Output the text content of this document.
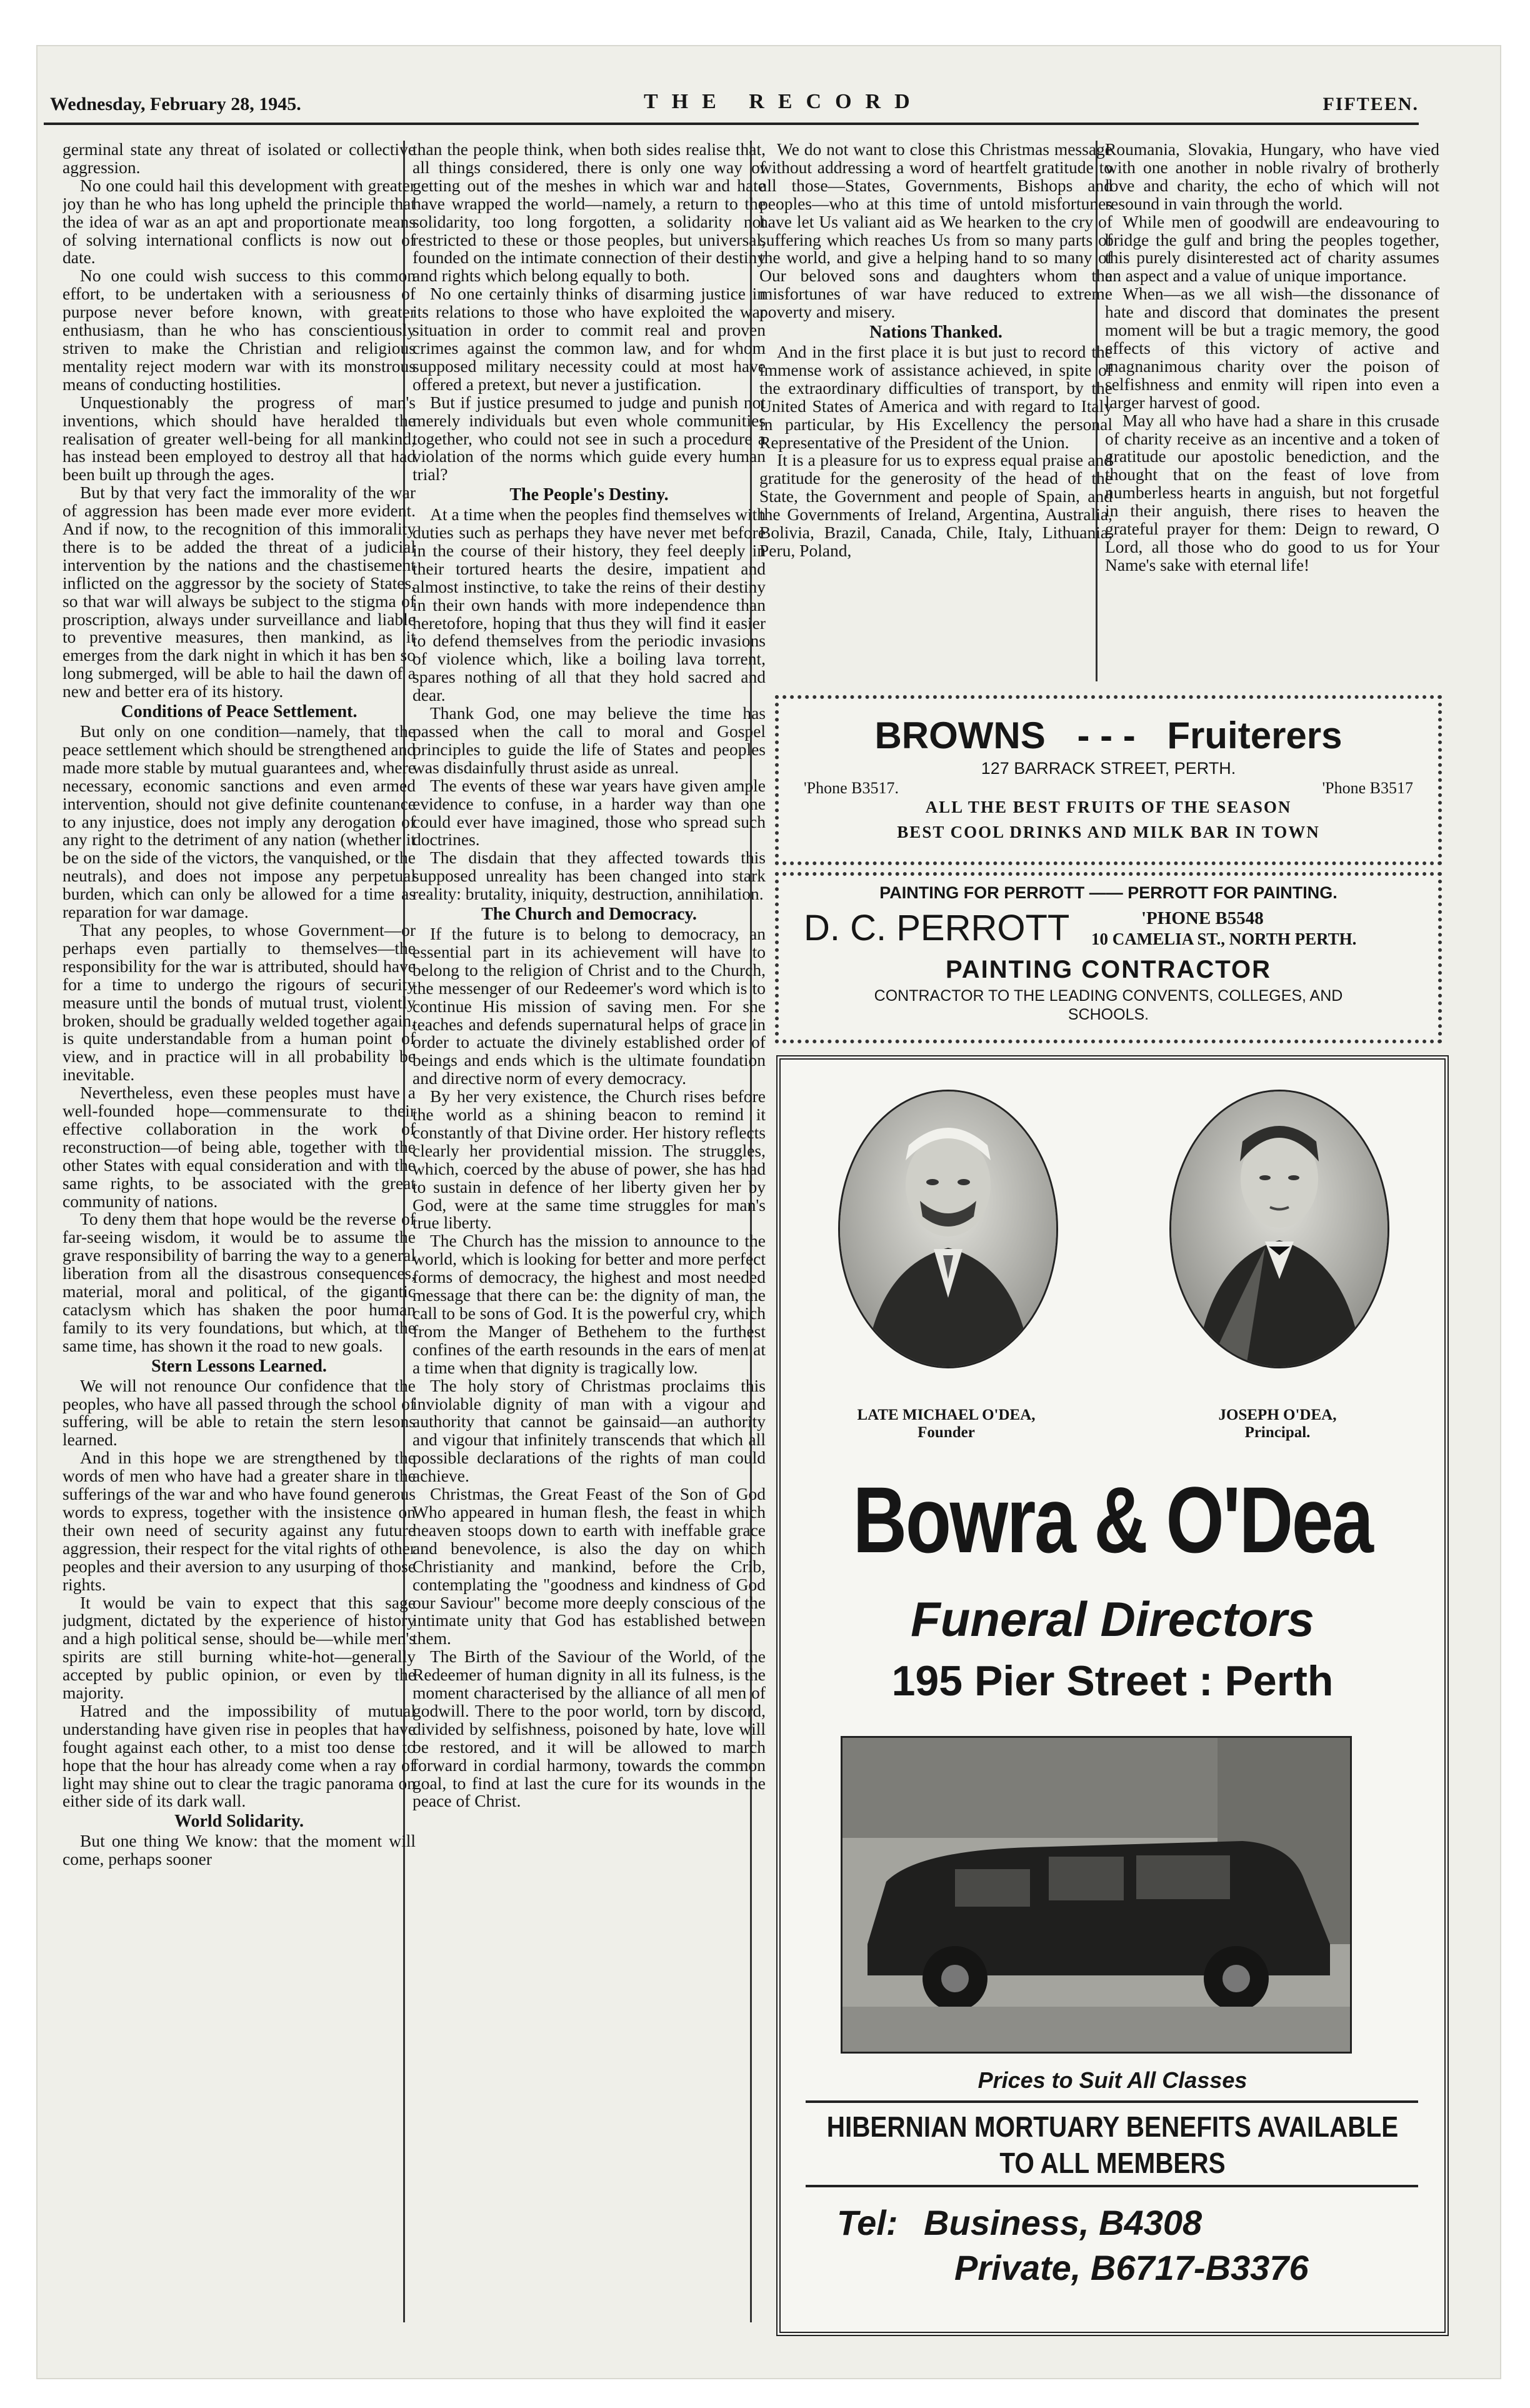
Wednesday, February 28, 1945.	THE RECORD	FIFTEEN.

germinal state any threat of isolated or collective aggression.

No one could hail this development with greater joy than he who has long upheld the principle that the idea of war as an apt and proportionate means of solving international conflicts is now out of date.

No one could wish success to this common effort, to be undertaken with a seriousness of purpose never before known, with greater enthusiasm, than he who has conscientiously striven to make the Christian and religious mentality reject modern war with its monstrous means of conducting hostilities.

Unquestionably the progress of man's inventions, which should have heralded the realisation of greater well-being for all mankind, has instead been employed to destroy all that had been built up through the ages.

But by that very fact the immorality of the war of aggression has been made ever more evident. And if now, to the recognition of this immorality there is to be added the threat of a judicial intervention by the nations and the chastisement inflicted on the aggressor by the society of States, so that war will always be subject to the stigma of proscription, always under surveillance and liable to preventive measures, then mankind, as it emerges from the dark night in which it has ben so long submerged, will be able to hail the dawn of a new and better era of its history.

Conditions of Peace Settlement.

But only on one condition—namely, that the peace settlement which should be strengthened and made more stable by mutual guarantees and, where necessary, economic sanctions and even armed intervention, should not give definite countenance to any injustice, does not imply any derogation of any right to the detriment of any nation (whether it be on the side of the victors, the vanquished, or the neutrals), and does not impose any perpetual burden, which can only be allowed for a time as reparation for war damage.

That any peoples, to whose Government—or perhaps even partially to themselves—the responsibility for the war is attributed, should have for a time to undergo the rigours of security measure until the bonds of mutual trust, violently broken, should be gradually welded together again, is quite understandable from a human point of view, and in practice will in all probability be inevitable.

Nevertheless, even these peoples must have a well-founded hope—commensurate to their effective collaboration in the work of reconstruction—of being able, together with the other States with equal consideration and with the same rights, to be associated with the great community of nations.

To deny them that hope would be the reverse of far-seeing wisdom, it would be to assume the grave responsibility of barring the way to a general liberation from all the disastrous consequences, material, moral and political, of the gigantic cataclysm which has shaken the poor human family to its very foundations, but which, at the same time, has shown it the road to new goals.

Stern Lessons Learned.

We will not renounce Our confidence that the peoples, who have all passed through the school of suffering, will be able to retain the stern lesons learned.

And in this hope we are strengthened by the words of men who have had a greater share in the sufferings of the war and who have found generous words to express, together with the insistence on their own need of security against any future aggression, their respect for the vital rights of other peoples and their aversion to any usurping of those rights.

It would be vain to expect that this sage judgment, dictated by the experience of history and a high political sense, should be—while men's spirits are still burning white-hot—generally accepted by public opinion, or even by the majority.

Hatred and the impossibility of mutual understanding have given rise in peoples that have fought against each other, to a mist too dense to hope that the hour has already come when a ray of light may shine out to clear the tragic panorama on either side of its dark wall.

World Solidarity.

But one thing We know: that the moment will come, perhaps sooner

than the people think, when both sides realise that, all things considered, there is only one way of getting out of the meshes in which war and hate have wrapped the world—namely, a return to the solidarity, too long forgotten, a solidarity not restricted to these or those peoples, but universal, founded on the intimate connection of their destiny and rights which belong equally to both.

No one certainly thinks of disarming justice in its relations to those who have exploited the war situation in order to commit real and proven crimes against the common law, and for whom supposed military necessity could at most have offered a pretext, but never a justification.

But if justice presumed to judge and punish not merely individuals but even whole communities together, who could not see in such a procedure a violation of the norms which guide every human trial?

The People's Destiny.

At a time when the peoples find themselves with duties such as perhaps they have never met before in the course of their history, they feel deeply in their tortured hearts the desire, impatient and almost instinctive, to take the reins of their destiny in their own hands with more independence than heretofore, hoping that thus they will find it easier to defend themselves from the periodic invasions of violence which, like a boiling lava torrent, spares nothing of all that they hold sacred and dear.

Thank God, one may believe the time has passed when the call to moral and Gospel principles to guide the life of States and peoples was disdainfully thrust aside as unreal.

The events of these war years have given ample evidence to confuse, in a harder way than one could ever have imagined, those who spread such doctrines.

The disdain that they affected towards this supposed unreality has been changed into stark reality: brutality, iniquity, destruction, annihilation.

The Church and Democracy.

If the future is to belong to democracy, an essential part in its achievement will have to belong to the religion of Christ and to the Church, the messenger of our Redeemer's word which is to continue His mission of saving men. For she teaches and defends supernatural helps of grace in order to actuate the divinely established order of beings and ends which is the ultimate foundation and directive norm of every democracy.

By her very existence, the Church rises before the world as a shining beacon to remind it constantly of that Divine order. Her history reflects clearly her providential mission. The struggles, which, coerced by the abuse of power, she has had to sustain in defence of her liberty given her by God, were at the same time struggles for man's true liberty.

The Church has the mission to announce to the world, which is looking for better and more perfect forms of democracy, the highest and most needed message that there can be: the dignity of man, the call to be sons of God. It is the powerful cry, which from the Manger of Bethehem to the furthest confines of the earth resounds in the ears of men at a time when that dignity is tragically low.

The holy story of Christmas proclaims this inviolable dignity of man with a vigour and authority that cannot be gainsaid—an authority and vigour that infinitely transcends that which all possible declarations of the rights of man could achieve.

Christmas, the Great Feast of the Son of God Who appeared in human flesh, the feast in which heaven stoops down to earth with ineffable grace and benevolence, is also the day on which Christianity and mankind, before the Crib, contemplating the "goodness and kindness of God our Saviour" become more deeply conscious of the intimate unity that God has established between them.

The Birth of the Saviour of the World, of the Redeemer of human dignity in all its fulness, is the moment characterised by the alliance of all men of godwill. There to the poor world, torn by discord, divided by selfishness, poisoned by hate, love will be restored, and it will be allowed to march forward in cordial harmony, towards the common goal, to find at last the cure for its wounds in the peace of Christ.

We do not want to close this Christmas message without addressing a word of heartfelt gratitude to all those—States, Governments, Bishops and peoples—who at this time of untold misfortunes have let Us valiant aid as We hearken to the cry of suffering which reaches Us from so many parts of the world, and give a helping hand to so many of Our beloved sons and daughters whom the misfortunes of war have reduced to extreme poverty and misery.

Nations Thanked.

And in the first place it is but just to record the immense work of assistance achieved, in spite of the extraordinary difficulties of transport, by the United States of America and with regard to Italy in particular, by His Excellency the personal Representative of the President of the Union.

It is a pleasure for us to express equal praise and gratitude for the generosity of the head of the State, the Government and people of Spain, and the Governments of Ireland, Argentina, Australia, Bolivia, Brazil, Canada, Chile, Italy, Lithuania, Peru, Poland,

Roumania, Slovakia, Hungary, who have vied with one another in noble rivalry of brotherly love and charity, the echo of which will not resound in vain through the world.

While men of goodwill are endeavouring to bridge the gulf and bring the peoples together, this purely disinterested act of charity assumes an aspect and a value of unique importance.

When—as we all wish—the dissonance of hate and discord that dominates the present moment will be but a tragic memory, the good effects of this victory of active and magnanimous charity over the poison of selfishness and enmity will ripen into even a larger harvest of good.

May all who have had a share in this crusade of charity receive as an incentive and a token of gratitude our apostolic benediction, and the thought that on the feast of love from numberless hearts in anguish, but not forgetful in their anguish, there rises to heaven the grateful prayer for them: Deign to reward, O Lord, all those who do good to us for Your Name's sake with eternal life!

BROWNS - - - Fruiterers
127 BARRACK STREET, PERTH.
'Phone B3517.	'Phone B3517
ALL THE BEST FRUITS OF THE SEASON
BEST COOL DRINKS AND MILK BAR IN TOWN
PAINTING FOR PERROTT —— PERROTT FOR PAINTING.
D. C. PERROTT	'PHONE B5548
10 CAMELIA ST., NORTH PERTH.
PAINTING CONTRACTOR
CONTRACTOR TO THE LEADING CONVENTS, COLLEGES, AND
SCHOOLS.
LATE MICHAEL O'DEA,
Founder
JOSEPH O'DEA,
Principal.
Bowra & O'Dea
Funeral Directors
195 Pier Street : Perth
Prices to Suit All Classes
HIBERNIAN MORTUARY BENEFITS AVAILABLE
TO ALL MEMBERS
Tel: Business, B4308
Private, B6717-B3376
